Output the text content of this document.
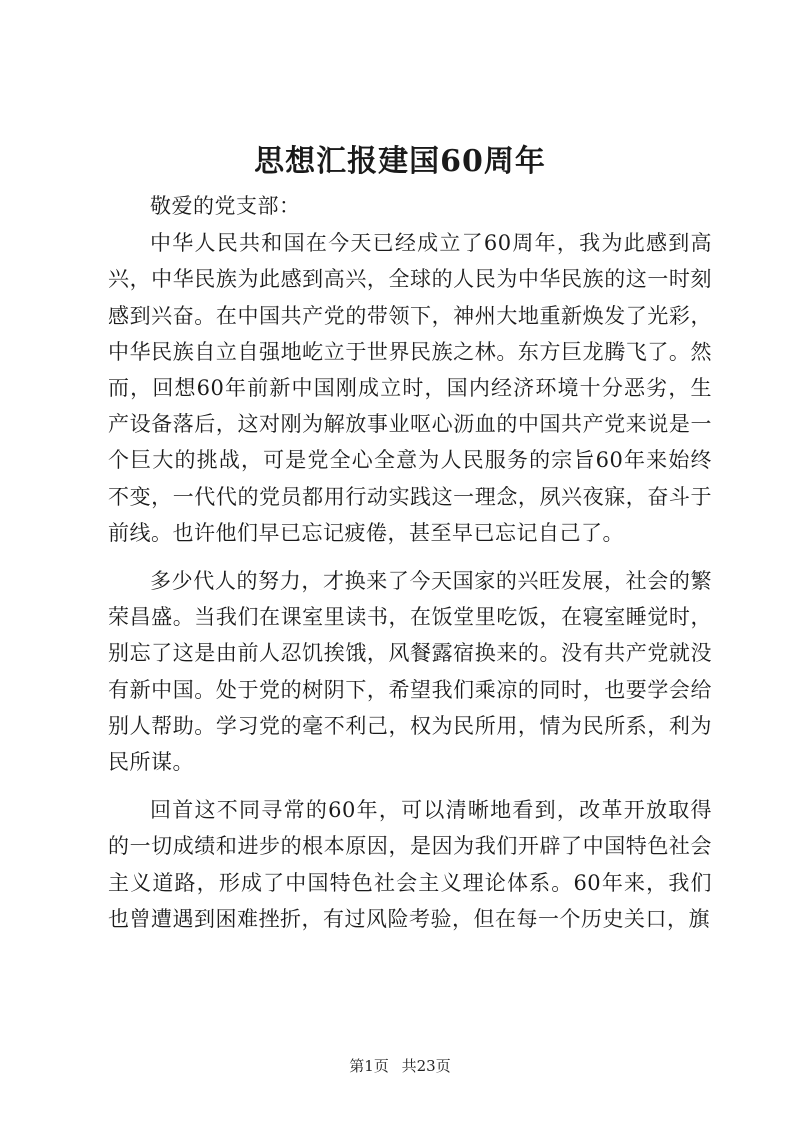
思想汇报建国60周年

敬爱的党支部：

中华人民共和国在今天已经成立了60周年，我为此感到高兴，中华民族为此感到高兴，全球的人民为中华民族的这一时刻感到兴奋。在中国共产党的带领下，神州大地重新焕发了光彩，中华民族自立自强地屹立于世界民族之林。东方巨龙腾飞了。然而，回想60年前新中国刚成立时，国内经济环境十分恶劣，生产设备落后，这对刚为解放事业呕心沥血的中国共产党来说是一个巨大的挑战，可是党全心全意为人民服务的宗旨60年来始终不变，一代代的党员都用行动实践这一理念，夙兴夜寐，奋斗于前线。也许他们早已忘记疲倦，甚至早已忘记自己了。

多少代人的努力，才换来了今天国家的兴旺发展，社会的繁荣昌盛。当我们在课室里读书，在饭堂里吃饭，在寝室睡觉时，别忘了这是由前人忍饥挨饿，风餐露宿换来的。没有共产党就没有新中国。处于党的树阴下，希望我们乘凉的同时，也要学会给别人帮助。学习党的毫不利己，权为民所用，情为民所系，利为民所谋。

回首这不同寻常的60年，可以清晰地看到，改革开放取得的一切成绩和进步的根本原因，是因为我们开辟了中国特色社会主义道路，形成了中国特色社会主义理论体系。60年来，我们也曾遭遇到困难挫折，有过风险考验，但在每一个历史关口，旗

第1页 共23页
